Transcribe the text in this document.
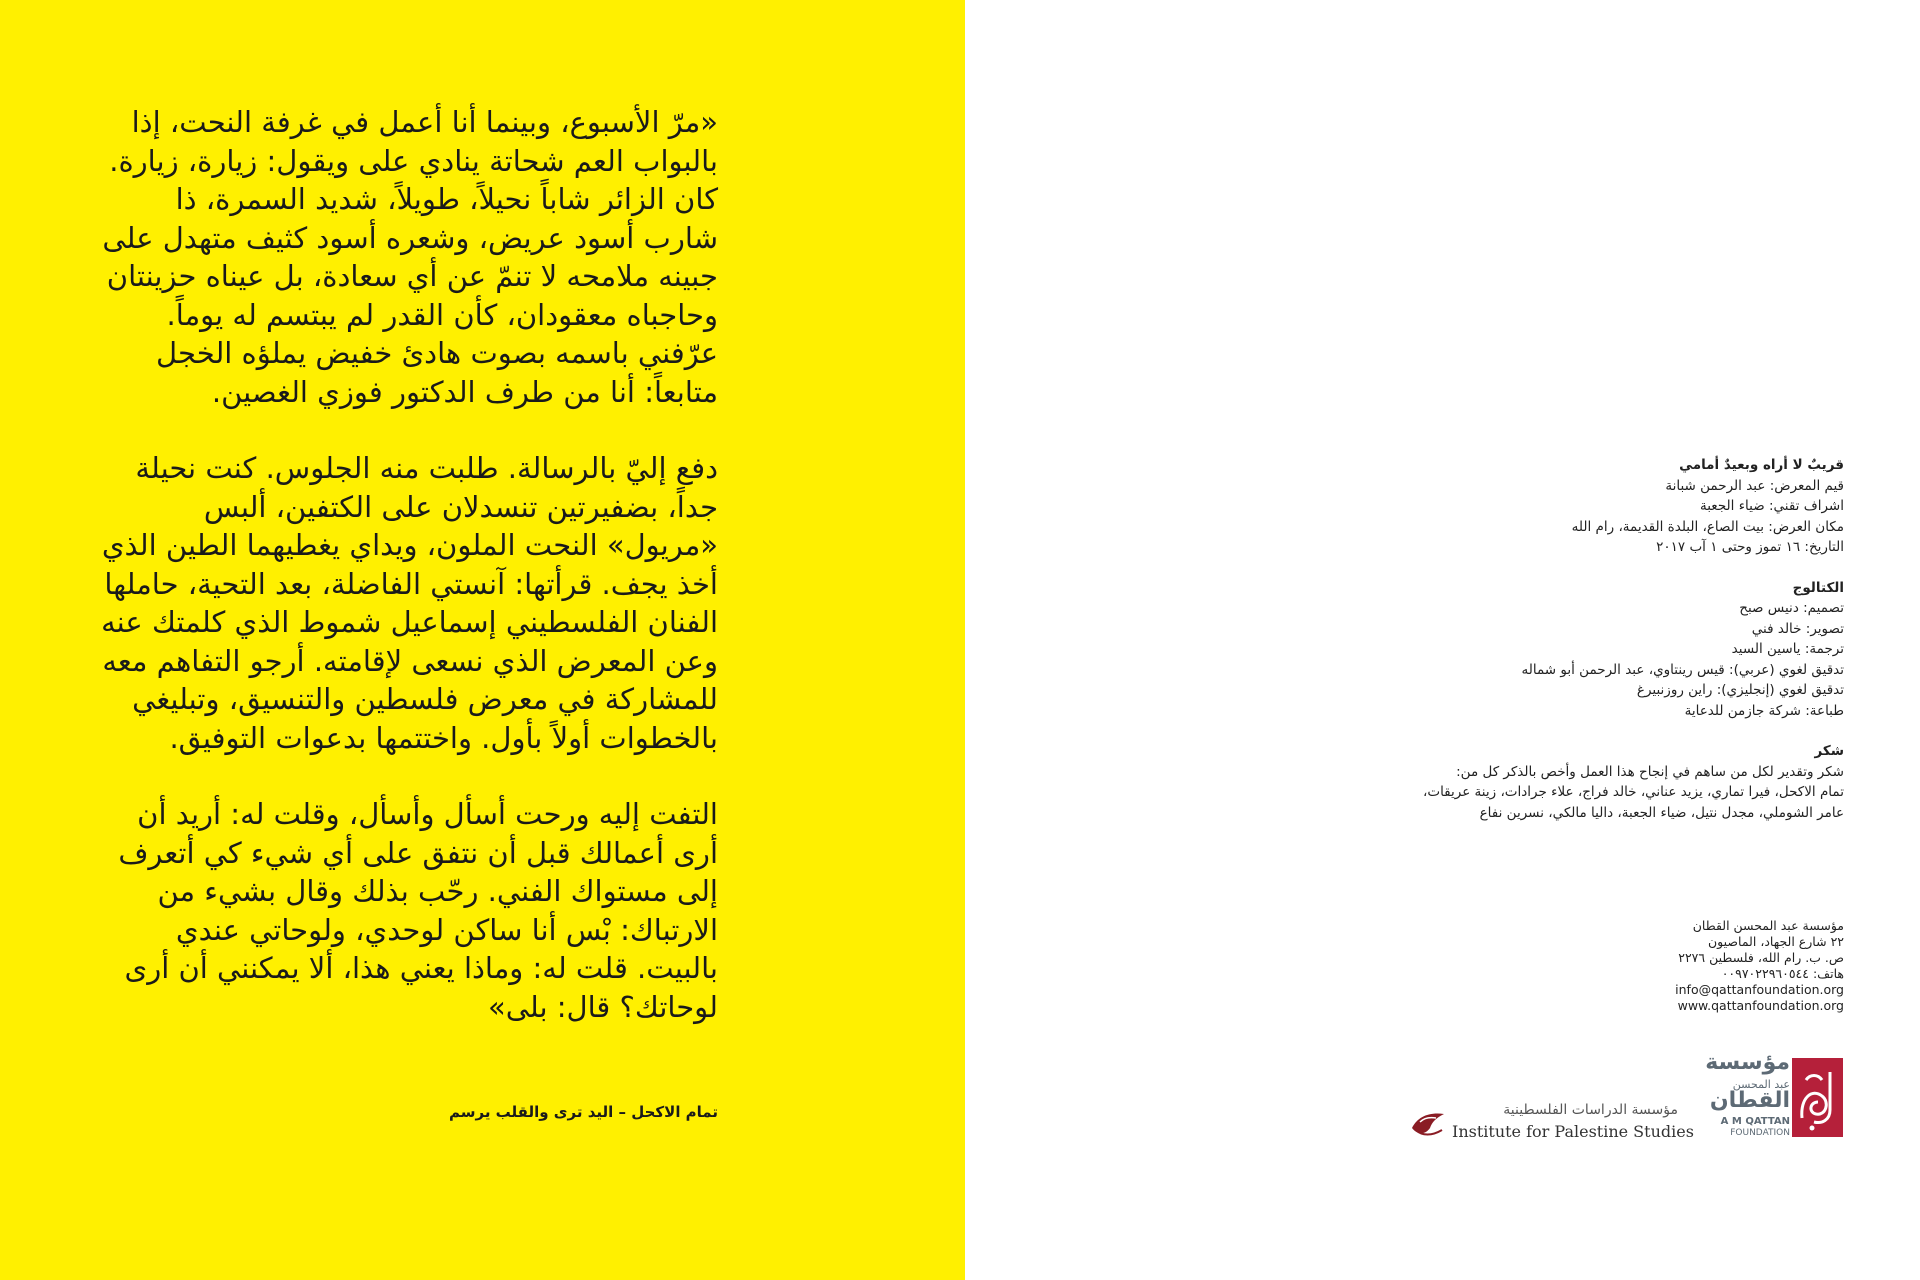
«مرّ الأسبوع، وبينما أنا أعمل في غرفة النحت، إذا بالبواب العم شحاتة ينادي على ويقول: زيارة، زيارة. كان الزائر شاباً نحيلاً، طويلاً، شديد السمرة، ذا شارب أسود عريض، وشعره أسود كثيف متهدل على جبينه ملامحه لا تنمّ عن أي سعادة، بل عيناه حزينتان وحاجباه معقودان، كأن القدر لم يبتسم له يوماً. عرّفني باسمه بصوت هادئ خفيض يملؤه الخجل متابعاً: أنا من طرف الدكتور فوزي الغصين.

دفع إليّ بالرسالة. طلبت منه الجلوس. كنت نحيلة جداً، بضفيرتين تنسدلان على الكتفين، ألبس «مريول» النحت الملون، ويداي يغطيهما الطين الذي أخذ يجف. قرأتها: آنستي الفاضلة، بعد التحية، حاملها الفنان الفلسطيني إسماعيل شموط الذي كلمتك عنه وعن المعرض الذي نسعى لإقامته. أرجو التفاهم معه للمشاركة في معرض فلسطين والتنسيق، وتبليغي بالخطوات أولاً بأول. واختتمها بدعوات التوفيق.

التفت إليه ورحت أسأل وأسأل، وقلت له: أريد أن أرى أعمالك قبل أن نتفق على أي شيء كي أتعرف إلى مستواك الفني. رحّب بذلك وقال بشيء من الارتباك: بْس أنا ساكن لوحدي، ولوحاتي عندي بالبيت. قلت له: وماذا يعني هذا، ألا يمكنني أن أرى لوحاتك؟ قال: بلى»

تمام الاكحل – اليد ترى والقلب يرسم
قريبٌ لا أراه وبعيدٌ أمامي
قيم المعرض: عبد الرحمن شبانة
اشراف تقني: ضياء الجعبة
مكان العرض: بيت الصاع، البلدة القديمة، رام الله
التاريخ: ١٦ تموز وحتى ١ آب ٢٠١٧
الكتالوج
تصميم: دنيس صبح
تصوير: خالد فني
ترجمة: ياسين السيد
تدقيق لغوي (عربي): قيس رينتاوي، عبد الرحمن أبو شماله
تدقيق لغوي (إنجليزي): راين روزنبيرغ
طباعة: شركة جازمن للدعاية
شكر
شكر وتقدير لكل من ساهم في إنجاح هذا العمل وأخص بالذكر كل من:
تمام الاكحل، فيرا تماري، يزيد عناني، خالد فراج، علاء جرادات، زينة عريقات،
عامر الشوملي، مجدل نتيل، ضياء الجعبة، داليا مالكي، نسرين نفاع
مؤسسة عبد المحسن القطان
٢٢ شارع الجهاد، الماصيون
ص. ب. رام الله، فلسطين ٢٢٧٦
هاتف: ٠٠٩٧٠٢٢٩٦٠٥٤٤
info@qattanfoundation.org
www.qattanfoundation.org
مؤسسة الدراسات الفلسطينية
Institute for Palestine Studies
مؤسسة
عبد المحسن
القطان
A M QATTAN
FOUNDATION
